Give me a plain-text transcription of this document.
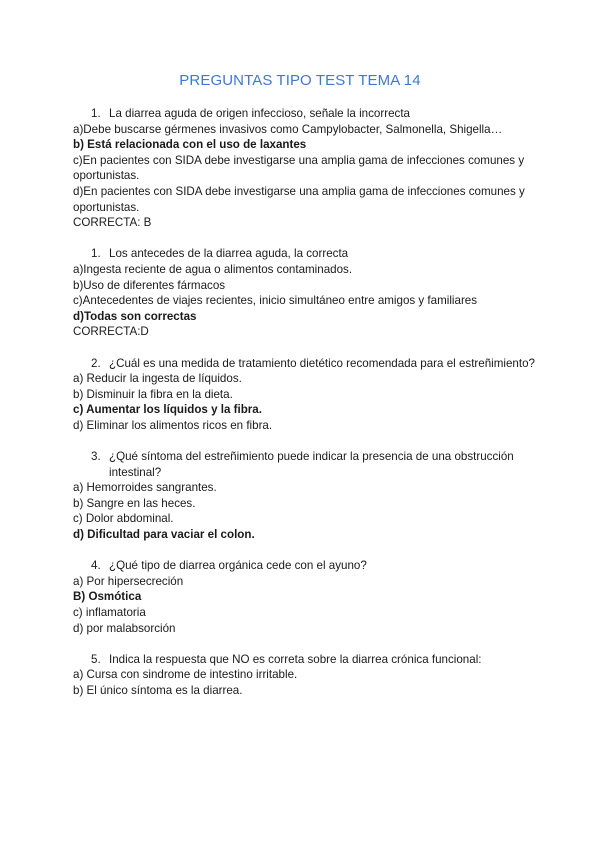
PREGUNTAS TIPO TEST TEMA 14
1. La diarrea aguda de origen infeccioso, señale la incorrecta
a)Debe buscarse gérmenes invasivos como Campylobacter, Salmonella, Shigella…
b) Está relacionada con el uso de laxantes
c)En pacientes con SIDA debe investigarse una amplia gama de infecciones comunes y
oportunistas.
d)En pacientes con SIDA debe investigarse una amplia gama de infecciones comunes y
oportunistas.
CORRECTA: B
1. Los antecedes de la diarrea aguda, la correcta
a)Ingesta reciente de agua o alimentos contaminados.
b)Uso de diferentes fármacos
c)Antecedentes de viajes recientes, inicio simultáneo entre amigos y familiares
d)Todas son correctas
CORRECTA:D
2. ¿Cuál es una medida de tratamiento dietético recomendada para el estreñimiento?
a) Reducir la ingesta de líquidos.
b) Disminuir la fibra en la dieta.
c) Aumentar los líquidos y la fibra.
d) Eliminar los alimentos ricos en fibra.
3. ¿Qué síntoma del estreñimiento puede indicar la presencia de una obstrucción intestinal?
a) Hemorroides sangrantes.
b) Sangre en las heces.
c) Dolor abdominal.
d) Dificultad para vaciar el colon.
4. ¿Qué tipo de diarrea orgánica cede con el ayuno?
a) Por hipersecreción
B) Osmótica
c) inflamatoria
d) por malabsorción
5. Indica la respuesta que NO es correta sobre la diarrea crónica funcional:
a) Cursa con sindrome de intestino irritable.
b) El único síntoma es la diarrea.
